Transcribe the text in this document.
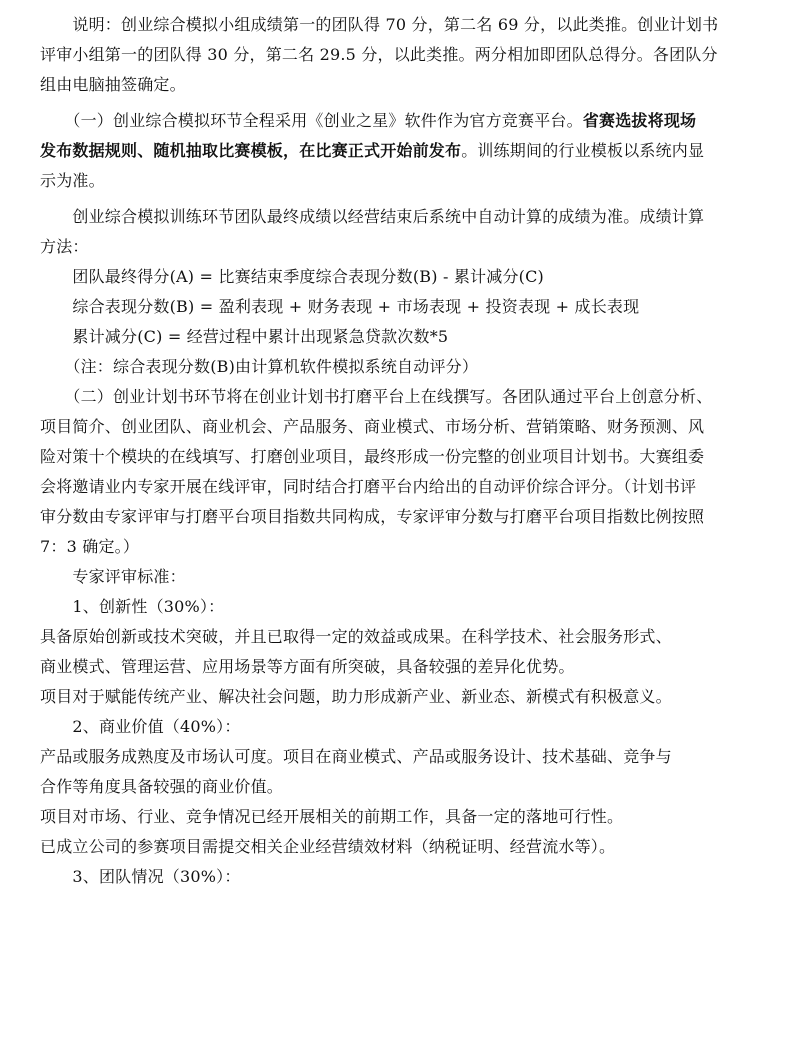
　　说明：创业综合模拟小组成绩第一的团队得 70 分，第二名 69 分，以此类推。创业计划书
评审小组第一的团队得 30 分，第二名 29.5 分，以此类推。两分相加即团队总得分。各团队分
组由电脑抽签确定。
　　（一）创业综合模拟环节全程采用《创业之星》软件作为官方竞赛平台。省赛选拔将现场
发布数据规则、随机抽取比赛模板，在比赛正式开始前发布。训练期间的行业模板以系统内显
示为准。
　　创业综合模拟训练环节团队最终成绩以经营结束后系统中自动计算的成绩为准。成绩计算
方法：
　　团队最终得分(A) = 比赛结束季度综合表现分数(B) - 累计减分(C)
　　综合表现分数(B) = 盈利表现 + 财务表现 + 市场表现 + 投资表现 + 成长表现
　　累计减分(C) = 经营过程中累计出现紧急贷款次数*5
　　（注：综合表现分数(B)由计算机软件模拟系统自动评分）
　　（二）创业计划书环节将在创业计划书打磨平台上在线撰写。各团队通过平台上创意分析、
项目简介、创业团队、商业机会、产品服务、商业模式、市场分析、营销策略、财务预测、风
险对策十个模块的在线填写、打磨创业项目，最终形成一份完整的创业项目计划书。大赛组委
会将邀请业内专家开展在线评审，同时结合打磨平台内给出的自动评价综合评分。（计划书评
审分数由专家评审与打磨平台项目指数共同构成，专家评审分数与打磨平台项目指数比例按照
7：3 确定。）
　　专家评审标准：
　　1、创新性（30%）：
具备原始创新或技术突破，并且已取得一定的效益或成果。在科学技术、社会服务形式、
商业模式、管理运营、应用场景等方面有所突破，具备较强的差异化优势。
项目对于赋能传统产业、解决社会问题，助力形成新产业、新业态、新模式有积极意义。
　　2、商业价值（40%）：
产品或服务成熟度及市场认可度。项目在商业模式、产品或服务设计、技术基础、竞争与
合作等角度具备较强的商业价值。
项目对市场、行业、竞争情况已经开展相关的前期工作，具备一定的落地可行性。
已成立公司的参赛项目需提交相关企业经营绩效材料（纳税证明、经营流水等）。
　　3、团队情况（30%）：
